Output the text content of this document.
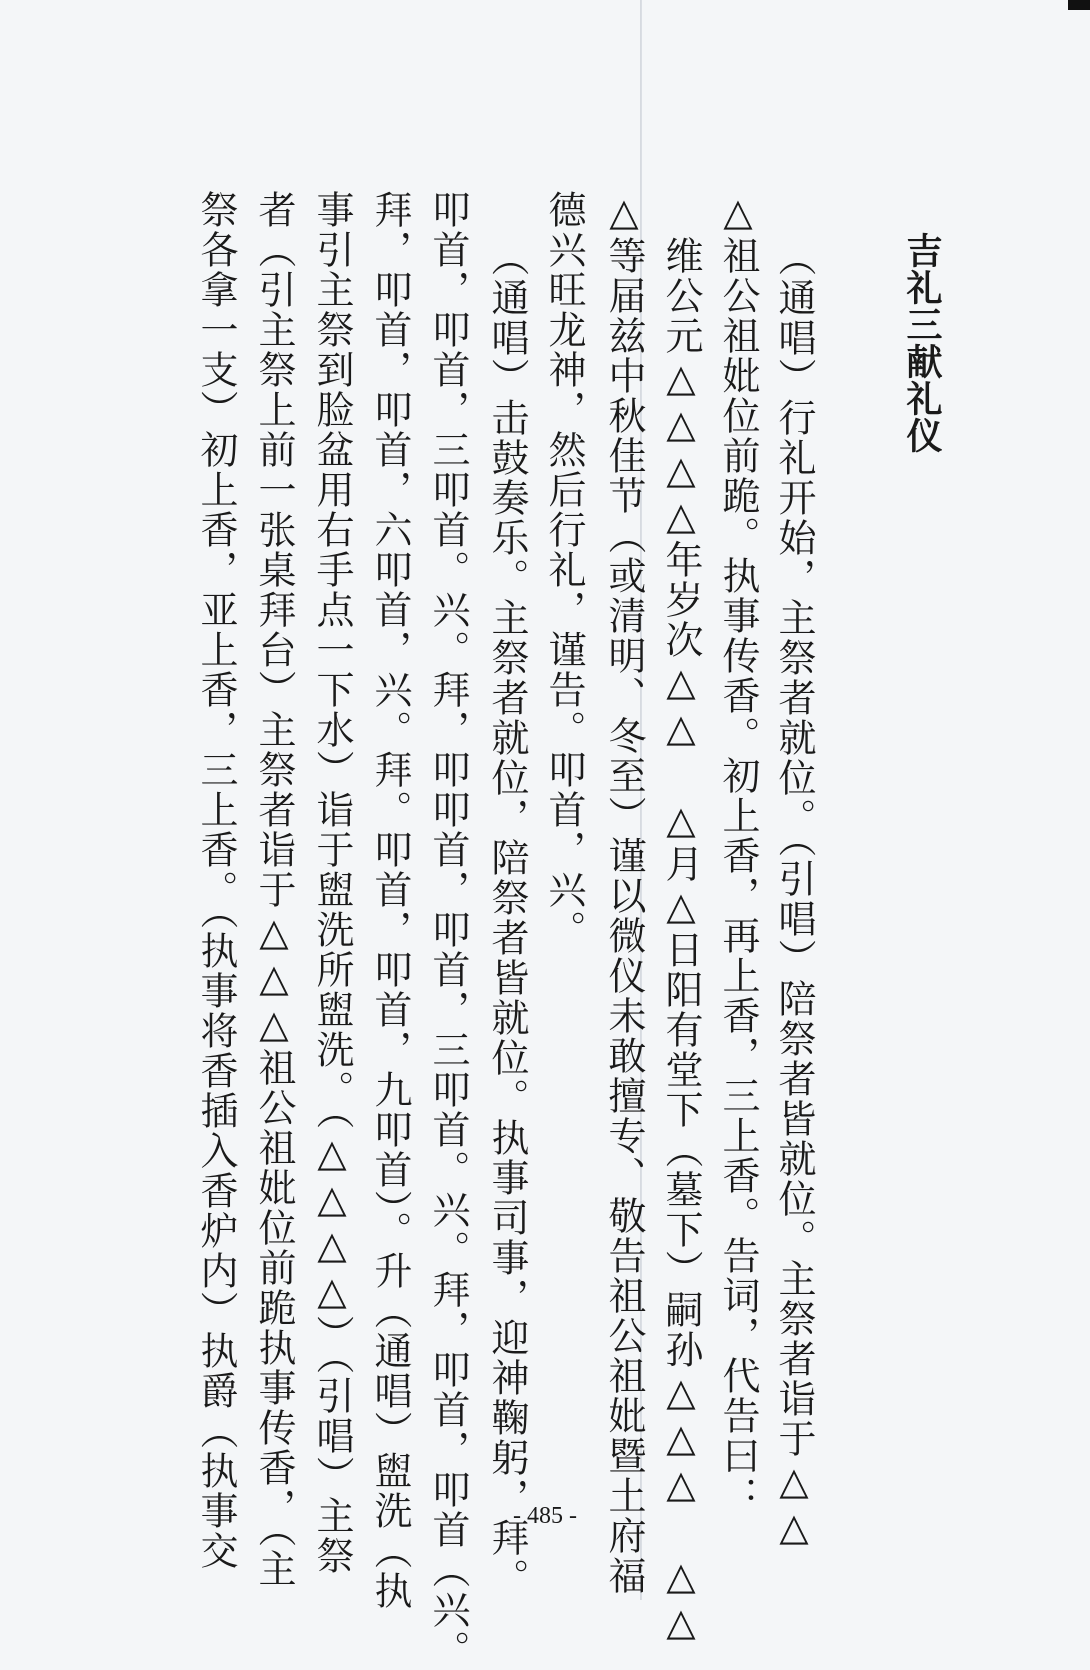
吉礼三献礼仪

（通唱）行礼开始，主祭者就位。（引唱）陪祭者皆就位。主祭者诣于△△

△祖公祖妣位前跪。执事传香。初上香，再上香，三上香。告词，代告曰：

维公元△△△△年岁次△△ △月△日阳有堂下（墓下）嗣孙△△△ △△

△等届兹中秋佳节（或清明、冬至）谨以微仪未敢擅专、敬告祖公祖妣暨土府福

德兴旺龙神，然后行礼，谨告。叩首，兴。

（通唱）击鼓奏乐。主祭者就位，陪祭者皆就位。执事司事，迎神鞠躬，拜。

叩首，叩首，三叩首。兴。拜，叩叩首，叩首，三叩首。兴。拜，叩首，叩首（兴。

拜，叩首，叩首，六叩首，兴。拜。叩首，叩首，九叩首）。升（通唱）盥洗（执

事引主祭到脸盆用右手点一下水）诣于盥洗所盥洗。（△△△△）（引唱）主祭

者（引主祭上前一张桌拜台）主祭者诣于△△△祖公祖妣位前跪执事传香，（主

祭各拿一支）初上香，亚上香，三上香。（执事将香插入香炉内）执爵（执事交	- 485 -
